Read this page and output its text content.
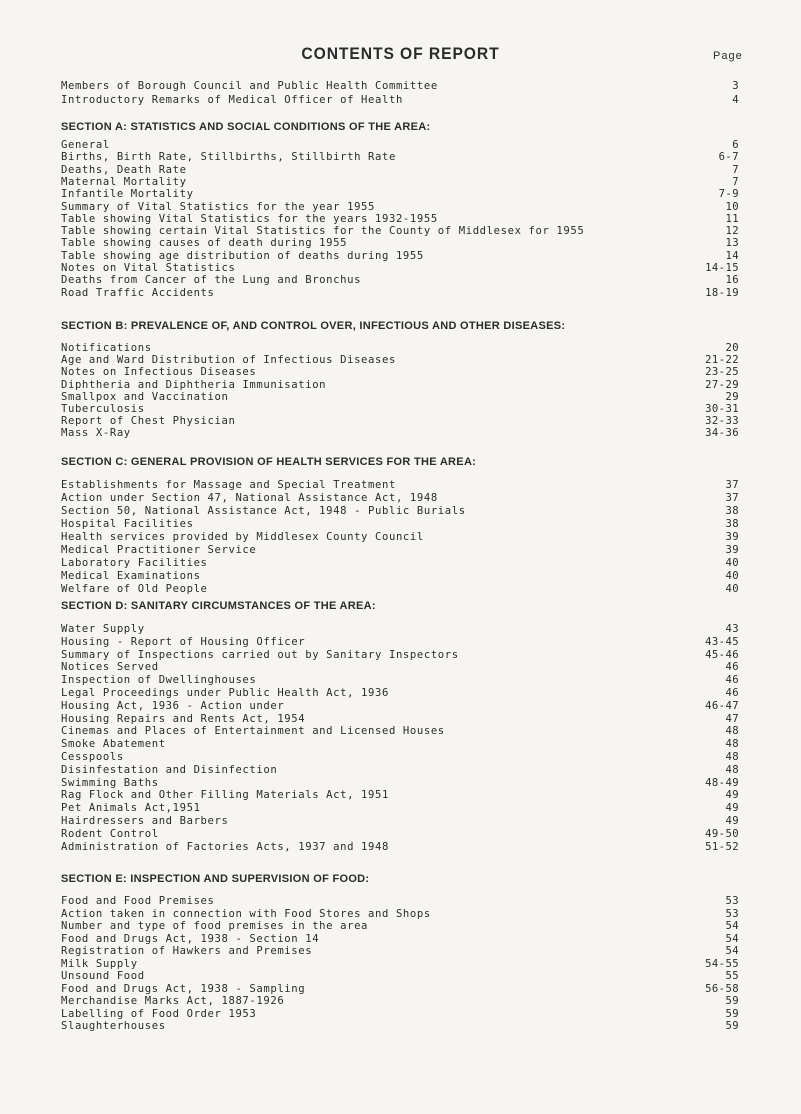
CONTENTS OF REPORT	Page
Members of Borough Council and Public Health Committee	3
Introductory Remarks of Medical Officer of Health	4
SECTION A: STATISTICS AND SOCIAL CONDITIONS OF THE AREA:
General	6
Births, Birth Rate, Stillbirths, Stillbirth Rate	6-7
Deaths, Death Rate	7
Maternal Mortality	7
Infantile Mortality	7-9
Summary of Vital Statistics for the year 1955	10
Table showing Vital Statistics for the years 1932-1955	11
Table showing certain Vital Statistics for the County of Middlesex for 1955	12
Table showing causes of death during 1955	13
Table showing age distribution of deaths during 1955	14
Notes on Vital Statistics	14-15
Deaths from Cancer of the Lung and Bronchus	16
Road Traffic Accidents	18-19
SECTION B: PREVALENCE OF, AND CONTROL OVER, INFECTIOUS AND OTHER DISEASES:
Notifications	20
Age and Ward Distribution of Infectious Diseases	21-22
Notes on Infectious Diseases	23-25
Diphtheria and Diphtheria Immunisation	27-29
Smallpox and Vaccination	29
Tuberculosis	30-31
Report of Chest Physician	32-33
Mass X-Ray	34-36
SECTION C: GENERAL PROVISION OF HEALTH SERVICES FOR THE AREA:
Establishments for Massage and Special Treatment	37
Action under Section 47, National Assistance Act, 1948	37
Section 50, National Assistance Act, 1948 - Public Burials	38
Hospital Facilities	38
Health services provided by Middlesex County Council	39
Medical Practitioner Service	39
Laboratory Facilities	40
Medical Examinations	40
Welfare of Old People	40
SECTION D: SANITARY CIRCUMSTANCES OF THE AREA:
Water Supply	43
Housing - Report of Housing Officer	43-45
Summary of Inspections carried out by Sanitary Inspectors	45-46
Notices Served	46
Inspection of Dwellinghouses	46
Legal Proceedings under Public Health Act, 1936	46
Housing Act, 1936 - Action under	46-47
Housing Repairs and Rents Act, 1954	47
Cinemas and Places of Entertainment and Licensed Houses	48
Smoke Abatement	48
Cesspools	48
Disinfestation and Disinfection	48
Swimming Baths	48-49
Rag Flock and Other Filling Materials Act, 1951	49
Pet Animals Act,1951	49
Hairdressers and Barbers	49
Rodent Control	49-50
Administration of Factories Acts, 1937 and 1948	51-52
SECTION E: INSPECTION AND SUPERVISION OF FOOD:
Food and Food Premises	53
Action taken in connection with Food Stores and Shops	53
Number and type of food premises in the area	54
Food and Drugs Act, 1938 - Section 14	54
Registration of Hawkers and Premises	54
Milk Supply	54-55
Unsound Food	55
Food and Drugs Act, 1938 - Sampling	56-58
Merchandise Marks Act, 1887-1926	59
Labelling of Food Order 1953	59
Slaughterhouses	59
